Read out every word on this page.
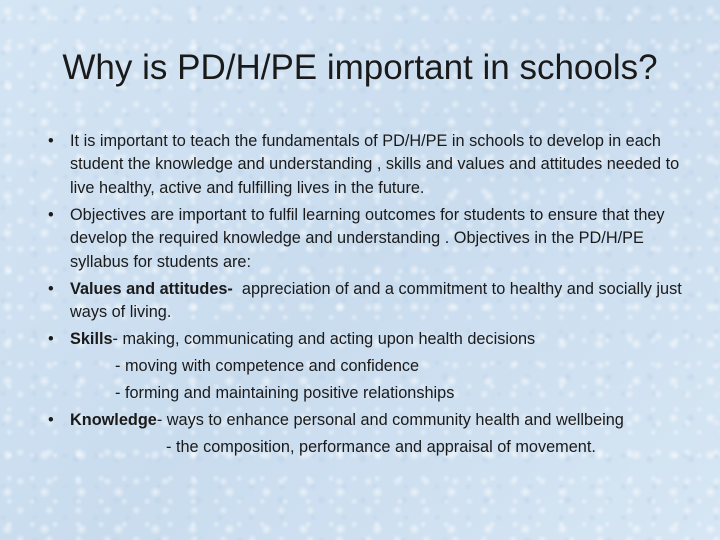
Why is PD/H/PE important in schools?
• It is important to teach the fundamentals of PD/H/PE in schools to develop in each student the knowledge and understanding , skills and values and attitudes needed to live healthy, active and fulfilling lives in the future.
• Objectives are important to fulfil learning outcomes for students to ensure that they develop the required knowledge and understanding . Objectives in the PD/H/PE syllabus for students are:
• Values and attitudes-  appreciation of and a commitment to healthy and socially just ways of living.
• Skills- making, communicating and acting upon health decisions
- moving with competence and confidence
- forming and maintaining positive relationships
• Knowledge- ways to enhance personal and community health and wellbeing
- the composition, performance and appraisal of movement.
